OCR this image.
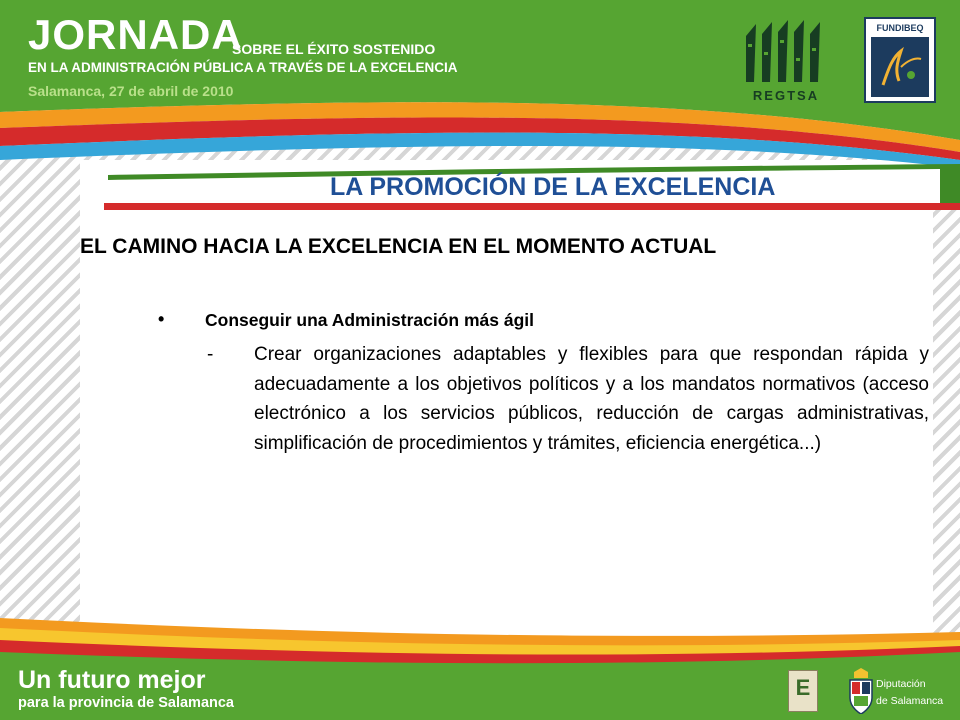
JORNADA
SOBRE EL ÉXITO SOSTENIDO
EN LA ADMINISTRACIÓN PÚBLICA A TRAVÉS DE LA EXCELENCIA
Salamanca, 27 de abril de 2010	REGTSA
FUNDIBEQ
LA PROMOCIÓN DE LA EXCELENCIA
EL CAMINO HACIA LA EXCELENCIA EN EL MOMENTO ACTUAL
• Conseguir una Administración más ágil
- Crear organizaciones adaptables y flexibles para que respondan rápida y adecuadamente a los objetivos políticos y a los mandatos normativos (acceso electrónico a los servicios públicos, reducción de cargas administrativas, simplificación de procedimientos y trámites, eficiencia energética...)

Un futuro mejor
para la provincia de Salamanca
E	Diputación
de Salamanca
